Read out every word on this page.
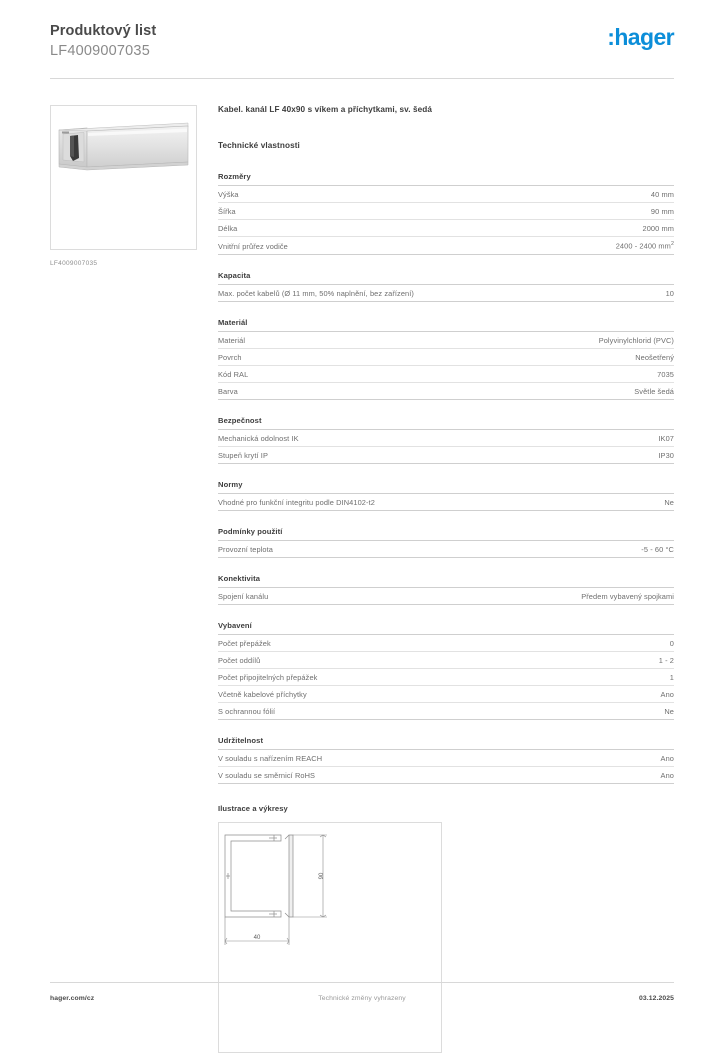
Produktový list
LF4009007035
:hager
LF4009007035
Kabel. kanál LF 40x90 s víkem a příchytkami, sv. šedá
Technické vlastnosti
Rozměry
Výška	40 mm
Šířka	90 mm
Délka	2000 mm
Vnitřní průřez vodiče	2400 - 2400 $mm^2$
Kapacita
Max. počet kabelů (Ø 11 mm, 50% naplnění, bez zařízení)	10
Materiál
Materiál	Polyvinylchlorid (PVC)
Povrch	Neošetřený
Kód RAL	7035
Barva	Světle šedá
Bezpečnost
Mechanická odolnost IK	IK07
Stupeň krytí IP	IP30
Normy
Vhodné pro funkční integritu podle DIN4102-t2	Ne
Podmínky použití
Provozní teplota	-5 - 60 °C
Konektivita
Spojení kanálu	Předem vybavený spojkami
Vybavení
Počet přepážek	0
Počet oddílů	1 - 2
Počet připojitelných přepážek	1
Včetně kabelové příchytky	Ano
S ochrannou fólií	Ne
Udržitelnost
V souladu s nařízením REACH	Ano
V souladu se směrnicí RoHS	Ano
Ilustrace a výkresy
90
40
hager.com/cz	Technické změny vyhrazeny	03.12.2025
